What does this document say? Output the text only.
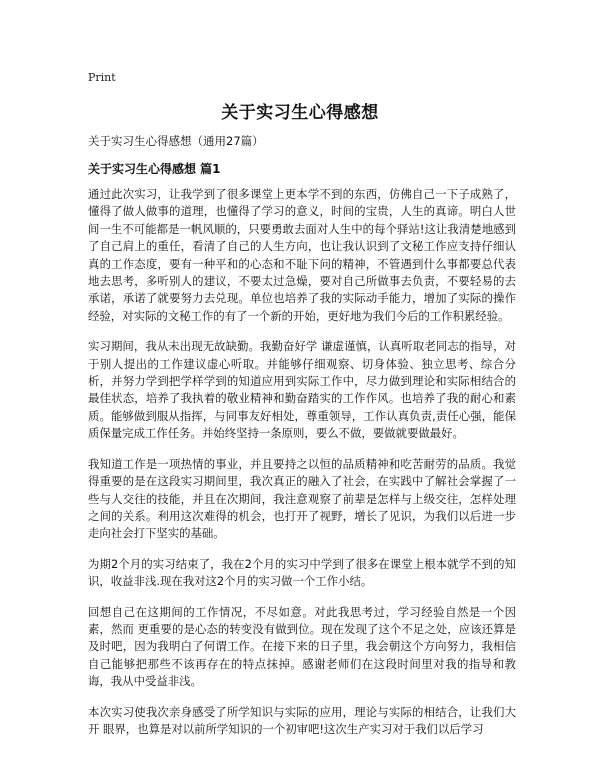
Print
关于实习生心得感想
关于实习生心得感想（通用27篇）
关于实习生心得感想 篇1

通过此次实习，让我学到了很多课堂上更本学不到的东西，仿佛自己一下子成熟了，懂得了做人做事的道理，也懂得了学习的意义，时间的宝贵，人生的真谛。明白人世间一生不可能都是一帆风顺的，只要勇敢去面对人生中的每个驿站!这让我清楚地感到了自己肩上的重任，看清了自己的人生方向，也让我认识到了文秘工作应支持仔细认真的工作态度，要有一种平和的心态和不耻下问的精神，不管遇到什么事都要总代表地去思考，多听别人的建议，不要太过急燥，要对自己所做事去负责，不要轻易的去承诺，承诺了就要努力去兑现。单位也培养了我的实际动手能力，增加了实际的操作经验，对实际的文秘工作的有了一个新的开始，更好地为我们今后的工作积累经验。

实习期间，我从未出现无故缺勤。我勤奋好学 谦虚谨慎，认真听取老同志的指导，对于别人提出的工作建议虚心听取。并能够仔细观察、切身体验、独立思考、综合分析，并努力学到把学样学到的知道应用到实际工作中，尽力做到理论和实际相结合的最佳状态，培养了我执着的敬业精神和勤奋踏实的工作作风。也培养了我的耐心和素质。能够做到服从指挥，与同事友好相处，尊重领导，工作认真负责,责任心强，能保质保量完成工作任务。并始终坚持一条原则，要么不做，要做就要做最好。

我知道工作是一项热情的事业，并且要持之以恒的品质精神和吃苦耐劳的品质。我觉得重要的是在这段实习期间里，我次真正的融入了社会，在实践中了解社会掌握了一些与人交往的技能，并且在次期间，我注意观察了前辈是怎样与上级交往，怎样处理之间的关系。利用这次难得的机会，也打开了视野，增长了见识，为我们以后进一步走向社会打下坚实的基础。

为期2个月的实习结束了，我在2个月的实习中学到了很多在课堂上根本就学不到的知识，收益非浅.现在我对这2个月的实习做一个工作小结。

回想自己在这期间的工作情况，不尽如意。对此我思考过，学习经验自然是一个因素，然而 更重要的是心态的转变没有做到位。现在发现了这个不足之处，应该还算是及时吧，因为我明白了何谓工作。在接下来的日子里，我会朝这个方向努力，我相信自己能够把那些不该再存在的特点抹掉。感谢老师们在这段时间里对我的指导和教诲，我从中受益非浅。

本次实习使我次亲身感受了所学知识与实际的应用，理论与实际的相结合，让我们大开 眼界，也算是对以前所学知识的一个初审吧!这次生产实习对于我们以后学习
